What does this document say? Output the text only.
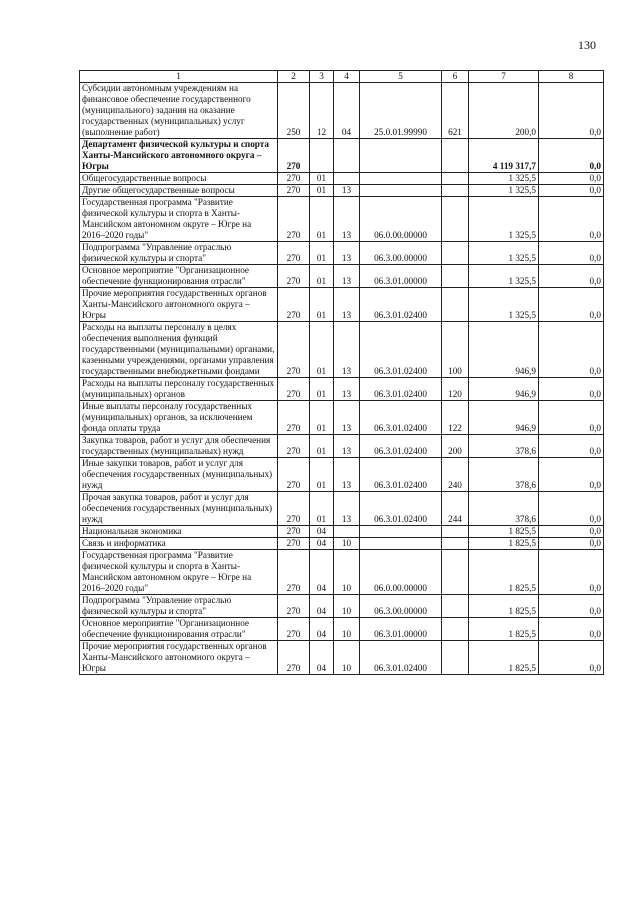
130
1	2	3	4	5	6	7	8
Субсидии автономным учреждениям на финансовое обеспечение государственного (муниципального) задания на оказание государственных (муниципальных) услуг (выполнение работ)	250	12	04	25.0.01.99990	621	200,0	0,0
Департамент физической культуры и спорта Ханты-Мансийского автономного округа – Югры	270					4 119 317,7	0,0
Общегосударственные вопросы	270	01				1 325,5	0,0
Другие общегосударственные вопросы	270	01	13			1 325,5	0,0
Государственная программа "Развитие физической культуры и спорта в Ханты-Мансийском автономном округе – Югре на 2016–2020 годы"	270	01	13	06.0.00.00000		1 325,5	0,0
Подпрограмма "Управление отраслью физической культуры и спорта"	270	01	13	06.3.00.00000		1 325,5	0,0
Основное мероприятие "Организационное обеспечение функционирования отрасли"	270	01	13	06.3.01.00000		1 325,5	0,0
Прочие мероприятия государственных органов Ханты-Мансийского автономного округа – Югры	270	01	13	06.3.01.02400		1 325,5	0,0
Расходы на выплаты персоналу в целях обеспечения выполнения функций государственными (муниципальными) органами, казенными учреждениями, органами управления государственными внебюджетными фондами	270	01	13	06.3.01.02400	100	946,9	0,0
Расходы на выплаты персоналу государственных (муниципальных) органов	270	01	13	06.3.01.02400	120	946,9	0,0
Иные выплаты персоналу государственных (муниципальных) органов, за исключением фонда оплаты труда	270	01	13	06.3.01.02400	122	946,9	0,0
Закупка товаров, работ и услуг для обеспечения государственных (муниципальных) нужд	270	01	13	06.3.01.02400	200	378,6	0,0
Иные закупки товаров, работ и услуг для обеспечения государственных (муниципальных) нужд	270	01	13	06.3.01.02400	240	378,6	0,0
Прочая закупка товаров, работ и услуг для обеспечения государственных (муниципальных) нужд	270	01	13	06.3.01.02400	244	378,6	0,0
Национальная экономика	270	04				1 825,5	0,0
Связь и информатика	270	04	10			1 825,5	0,0
Государственная программа "Развитие физической культуры и спорта в Ханты-Мансийском автономном округе – Югре на 2016–2020 годы"	270	04	10	06.0.00.00000		1 825,5	0,0
Подпрограмма "Управление отраслью физической культуры и спорта"	270	04	10	06.3.00.00000		1 825,5	0,0
Основное мероприятие "Организационное обеспечение функционирования отрасли"	270	04	10	06.3.01.00000		1 825,5	0,0
Прочие мероприятия государственных органов Ханты-Мансийского автономного округа – Югры	270	04	10	06.3.01.02400		1 825,5	0,0
